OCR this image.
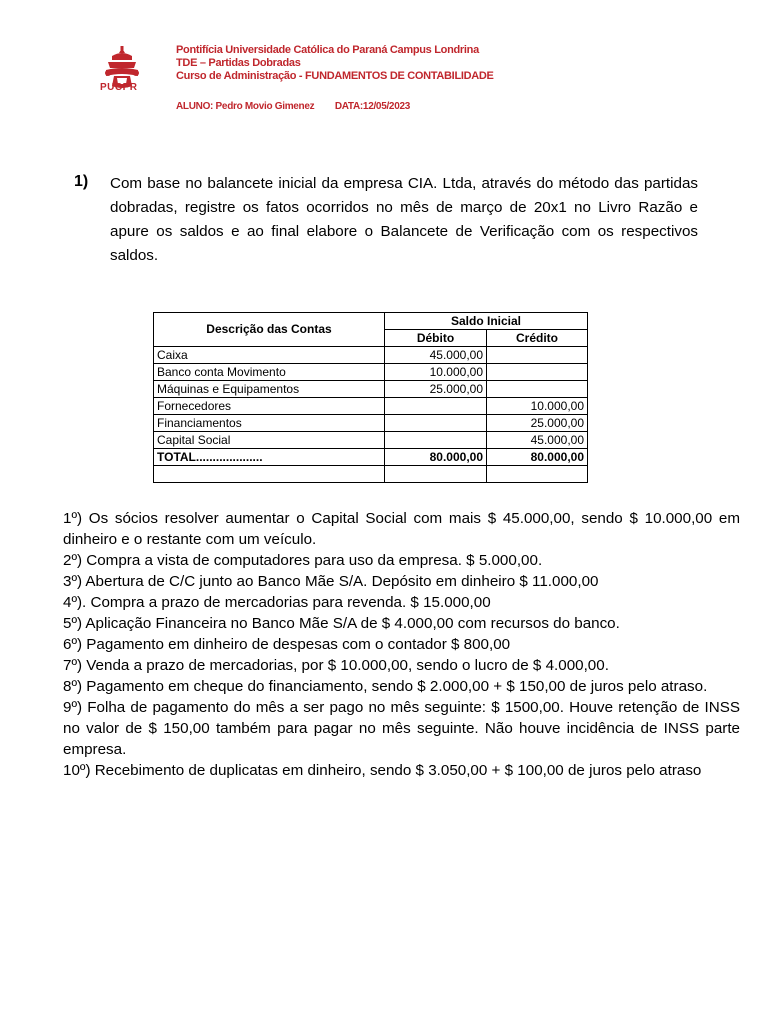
PUCPR
Pontifícia Universidade Católica do Paraná Campus Londrina
TDE – Partidas Dobradas
Curso de Administração - FUNDAMENTOS DE CONTABILIDADE
ALUNO: Pedro Movio Gimenez DATA:12/05/2023
1) Com base no balancete inicial da empresa CIA. Ltda, através do método das partidas dobradas, registre os fatos ocorridos no mês de março de 20x1 no Livro Razão e apure os saldos e ao final elabore o Balancete de Verificação com os respectivos saldos.
Descrição das Contas	Saldo Inicial	
	Débito	Crédito
Caixa	45.000,00	
Banco conta Movimento	10.000,00	
Máquinas e Equipamentos	25.000,00	
Fornecedores		10.000,00
Financiamentos		25.000,00
Capital Social		45.000,00
TOTAL....................	80.000,00	80.000,00

1º) Os sócios resolver aumentar o Capital Social com mais $ 45.000,00, sendo $ 10.000,00 em dinheiro e o restante com um veículo.

2º) Compra a vista de computadores para uso da empresa. $ 5.000,00.

3º) Abertura de C/C junto ao Banco Mãe S/A. Depósito em dinheiro $ 11.000,00

4º). Compra a prazo de mercadorias para revenda. $ 15.000,00

5º) Aplicação Financeira no Banco Mãe S/A de $ 4.000,00 com recursos do banco.

6º) Pagamento em dinheiro de despesas com o contador $ 800,00

7º) Venda a prazo de mercadorias, por $ 10.000,00, sendo o lucro de $ 4.000,00.

8º) Pagamento em cheque do financiamento, sendo $ 2.000,00 + $ 150,00 de juros pelo atraso.

9º) Folha de pagamento do mês a ser pago no mês seguinte: $ 1500,00. Houve retenção de INSS no valor de $ 150,00 também para pagar no mês seguinte. Não houve incidência de INSS parte empresa.

10º) Recebimento de duplicatas em dinheiro, sendo $ 3.050,00 + $ 100,00 de juros pelo atraso
